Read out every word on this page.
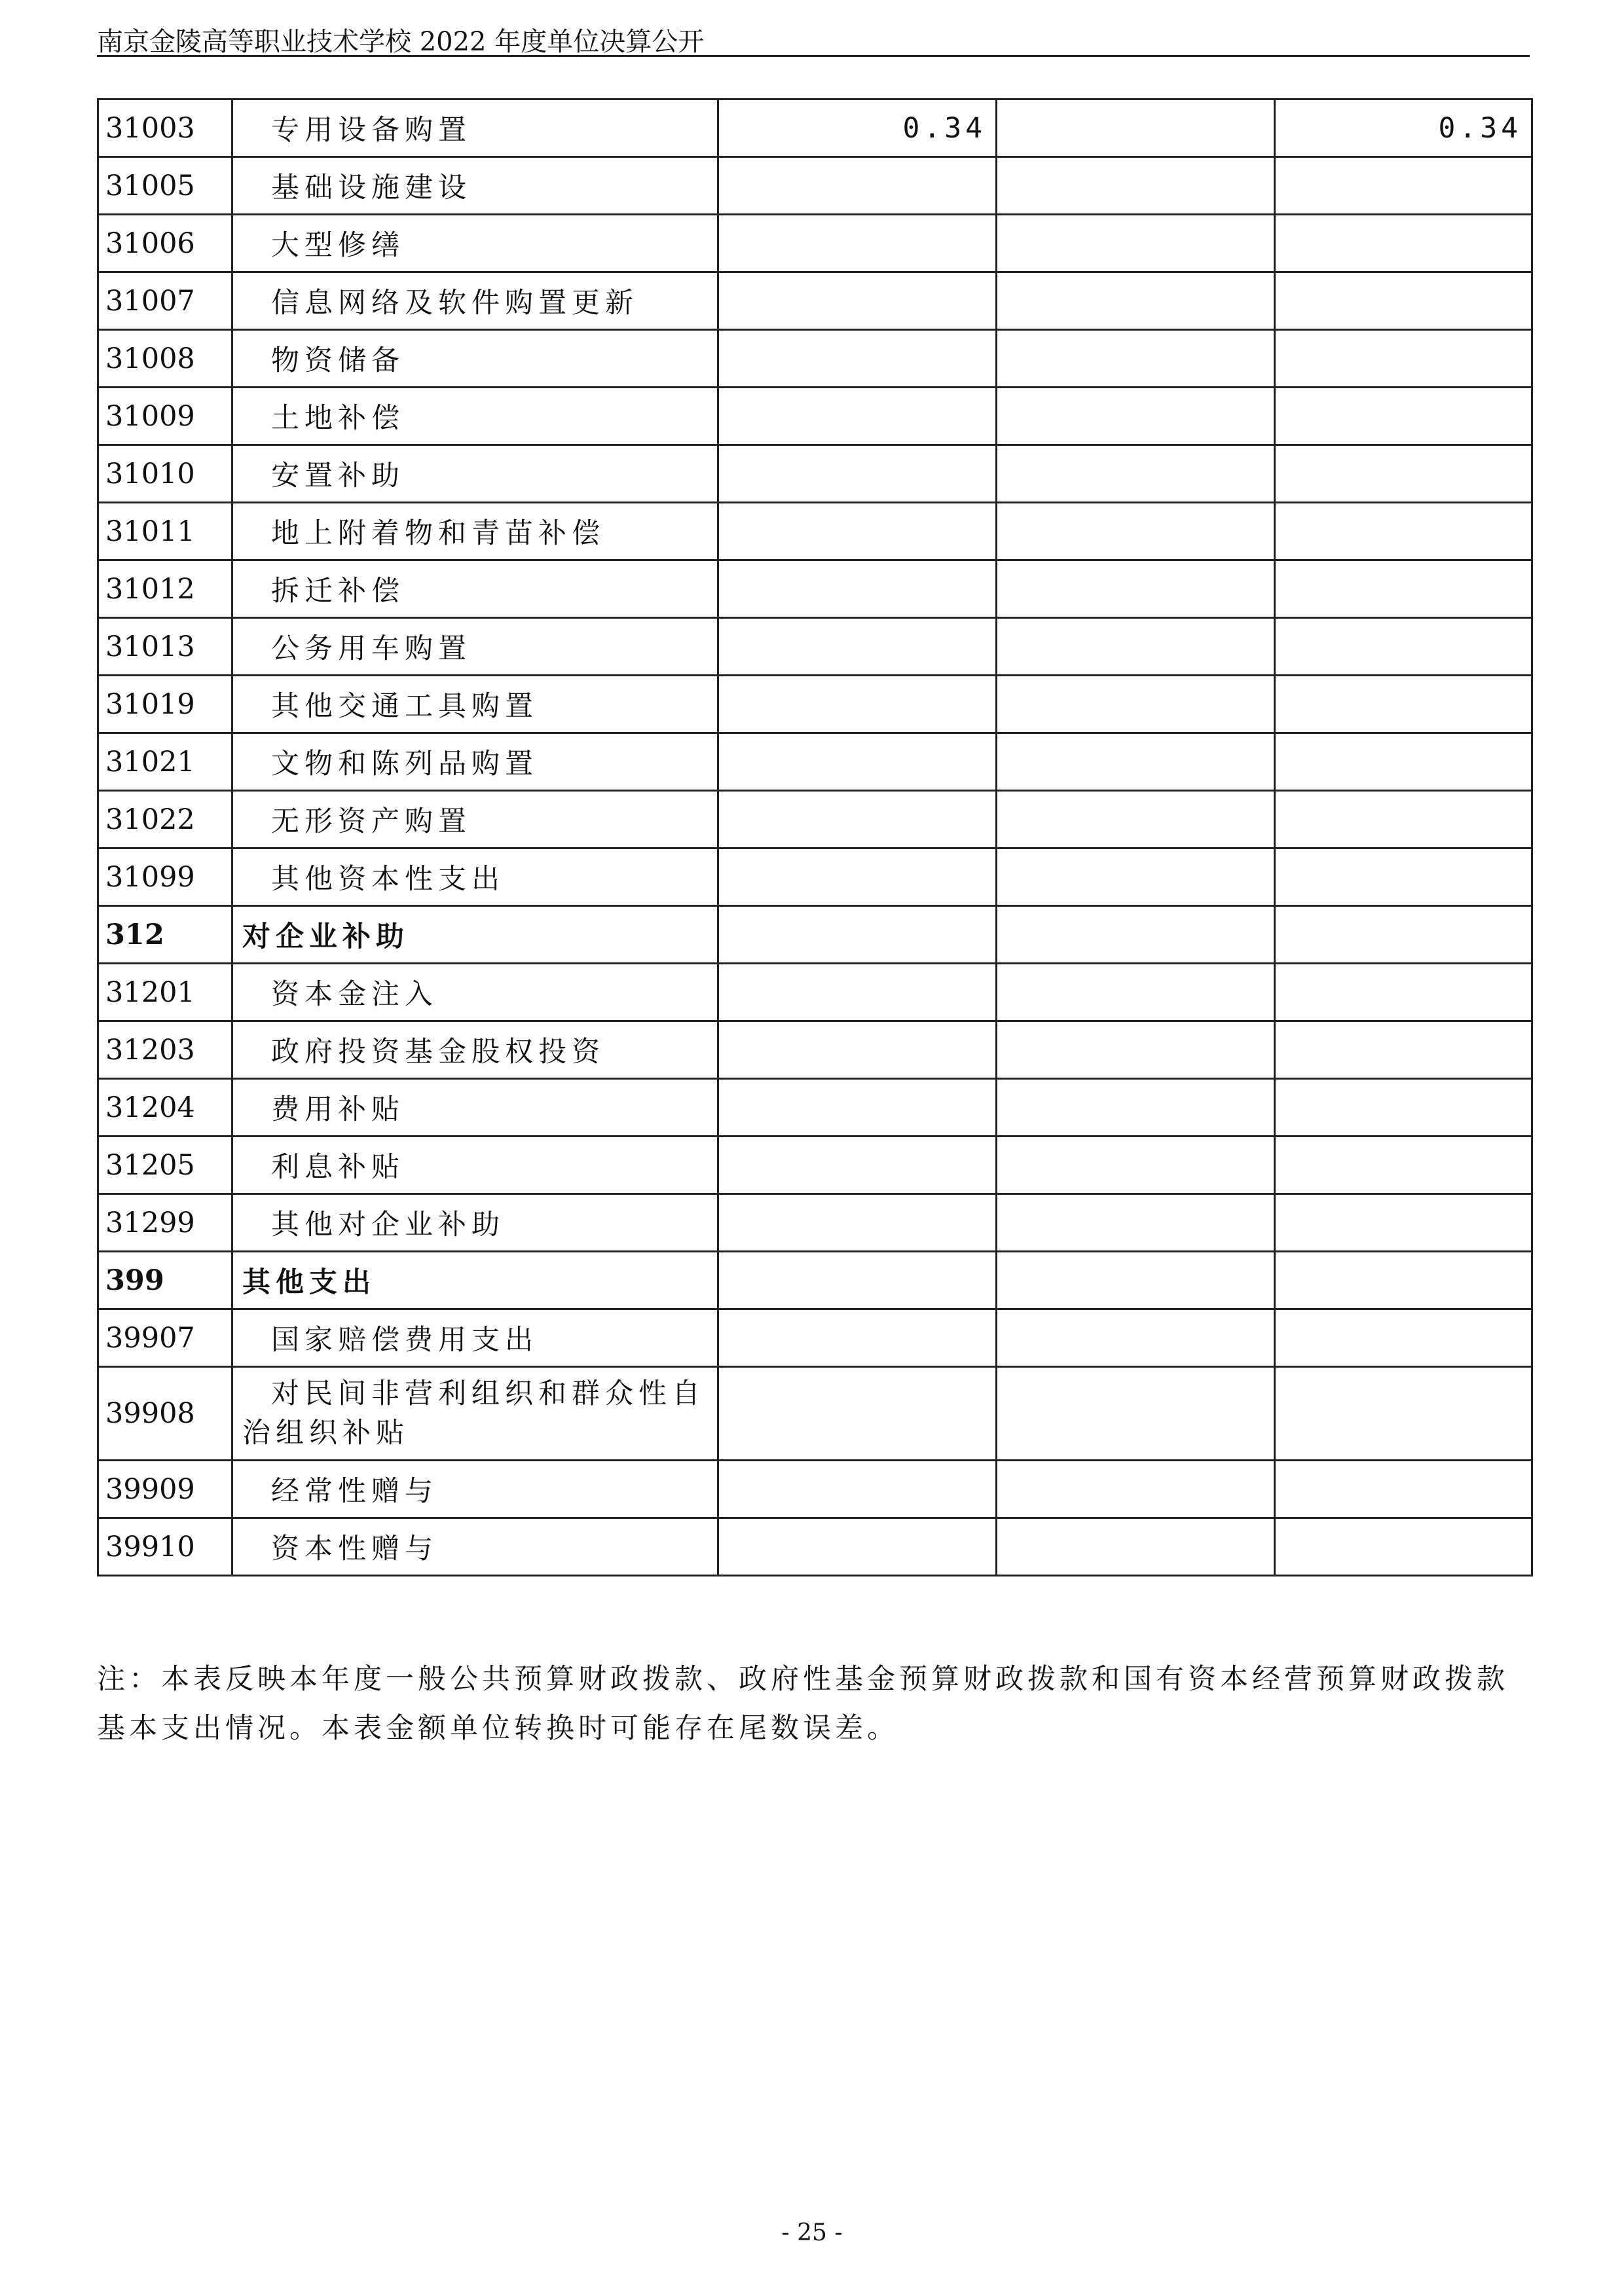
南京金陵高等职业技术学校 2022 年度单位决算公开
31003	专用设备购置	0.34		0.34
31005	基础设施建设			
31006	大型修缮			
31007	信息网络及软件购置更新			
31008	物资储备			
31009	土地补偿			
31010	安置补助			
31011	地上附着物和青苗补偿			
31012	拆迁补偿			
31013	公务用车购置			
31019	其他交通工具购置			
31021	文物和陈列品购置			
31022	无形资产购置			
31099	其他资本性支出			
312	对企业补助			
31201	资本金注入			
31203	政府投资基金股权投资			
31204	费用补贴			
31205	利息补贴			
31299	其他对企业补助			
399	其他支出			
39907	国家赔偿费用支出			
39908	对民间非营利组织和群众性自治组织补贴			
39909	经常性赠与			
39910	资本性赠与			

注：本表反映本年度一般公共预算财政拨款、政府性基金预算财政拨款和国有资本经营预算财政拨款基本支出情况。本表金额单位转换时可能存在尾数误差。

- 25 -
